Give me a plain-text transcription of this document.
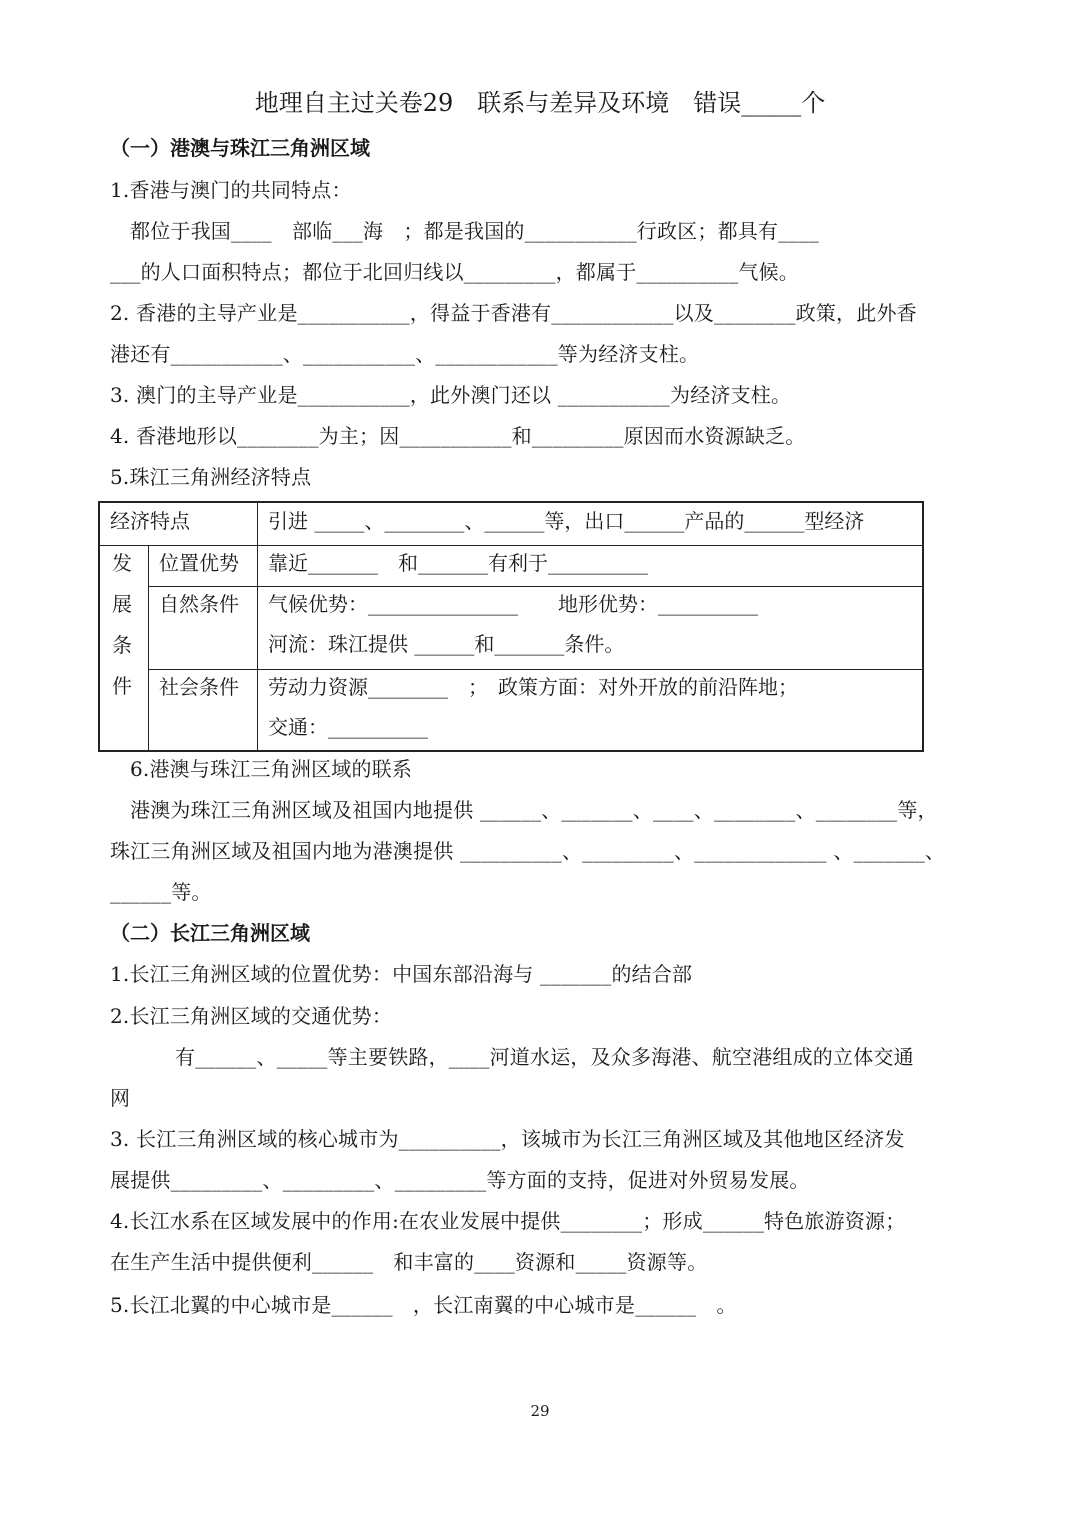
地理自主过关卷29　联系与差异及环境　错误_____个
（一）港澳与珠江三角洲区域
1.香港与澳门的共同特点：
都位于我国____　部临___海　；都是我国的___________行政区；都具有____
___的人口面积特点；都位于北回归线以_________，都属于__________气候。
2. 香港的主导产业是___________，得益于香港有____________以及________政策，此外香
港还有___________、___________、____________等为经济支柱。
3. 澳门的主导产业是___________，此外澳门还以 ___________为经济支柱。
4. 香港地形以________为主；因___________和_________原因而水资源缺乏。
5.珠江三角洲经济特点
经济特点	引进 _____、________、______等，出口______产品的______型经济
发
展
条
件
位置优势 靠近_______　和_______有利于__________
自然条件 气候优势：_______________　　地形优势：__________
河流：珠江提供 ______和_______条件。
社会条件 劳动力资源________　；　政策方面：对外开放的前沿阵地；
交通：__________
6.港澳与珠江三角洲区域的联系
港澳为珠江三角洲区域及祖国内地提供 ______、_______、____、________、________等，
珠江三角洲区域及祖国内地为港澳提供 __________、_________、_____________ 、_______、
______等。
（二）长江三角洲区域
1.长江三角洲区域的位置优势：中国东部沿海与 _______的结合部
2.长江三角洲区域的交通优势：
有______、_____等主要铁路，____河道水运，及众多海港、航空港组成的立体交通
网
3. 长江三角洲区域的核心城市为__________，该城市为长江三角洲区域及其他地区经济发
展提供_________、_________、_________等方面的支持，促进对外贸易发展。
4.长江水系在区域发展中的作用:在农业发展中提供________；形成______特色旅游资源；
在生产生活中提供便利______　和丰富的____资源和_____资源等。
5.长江北翼的中心城市是______　，长江南翼的中心城市是______　。
29
